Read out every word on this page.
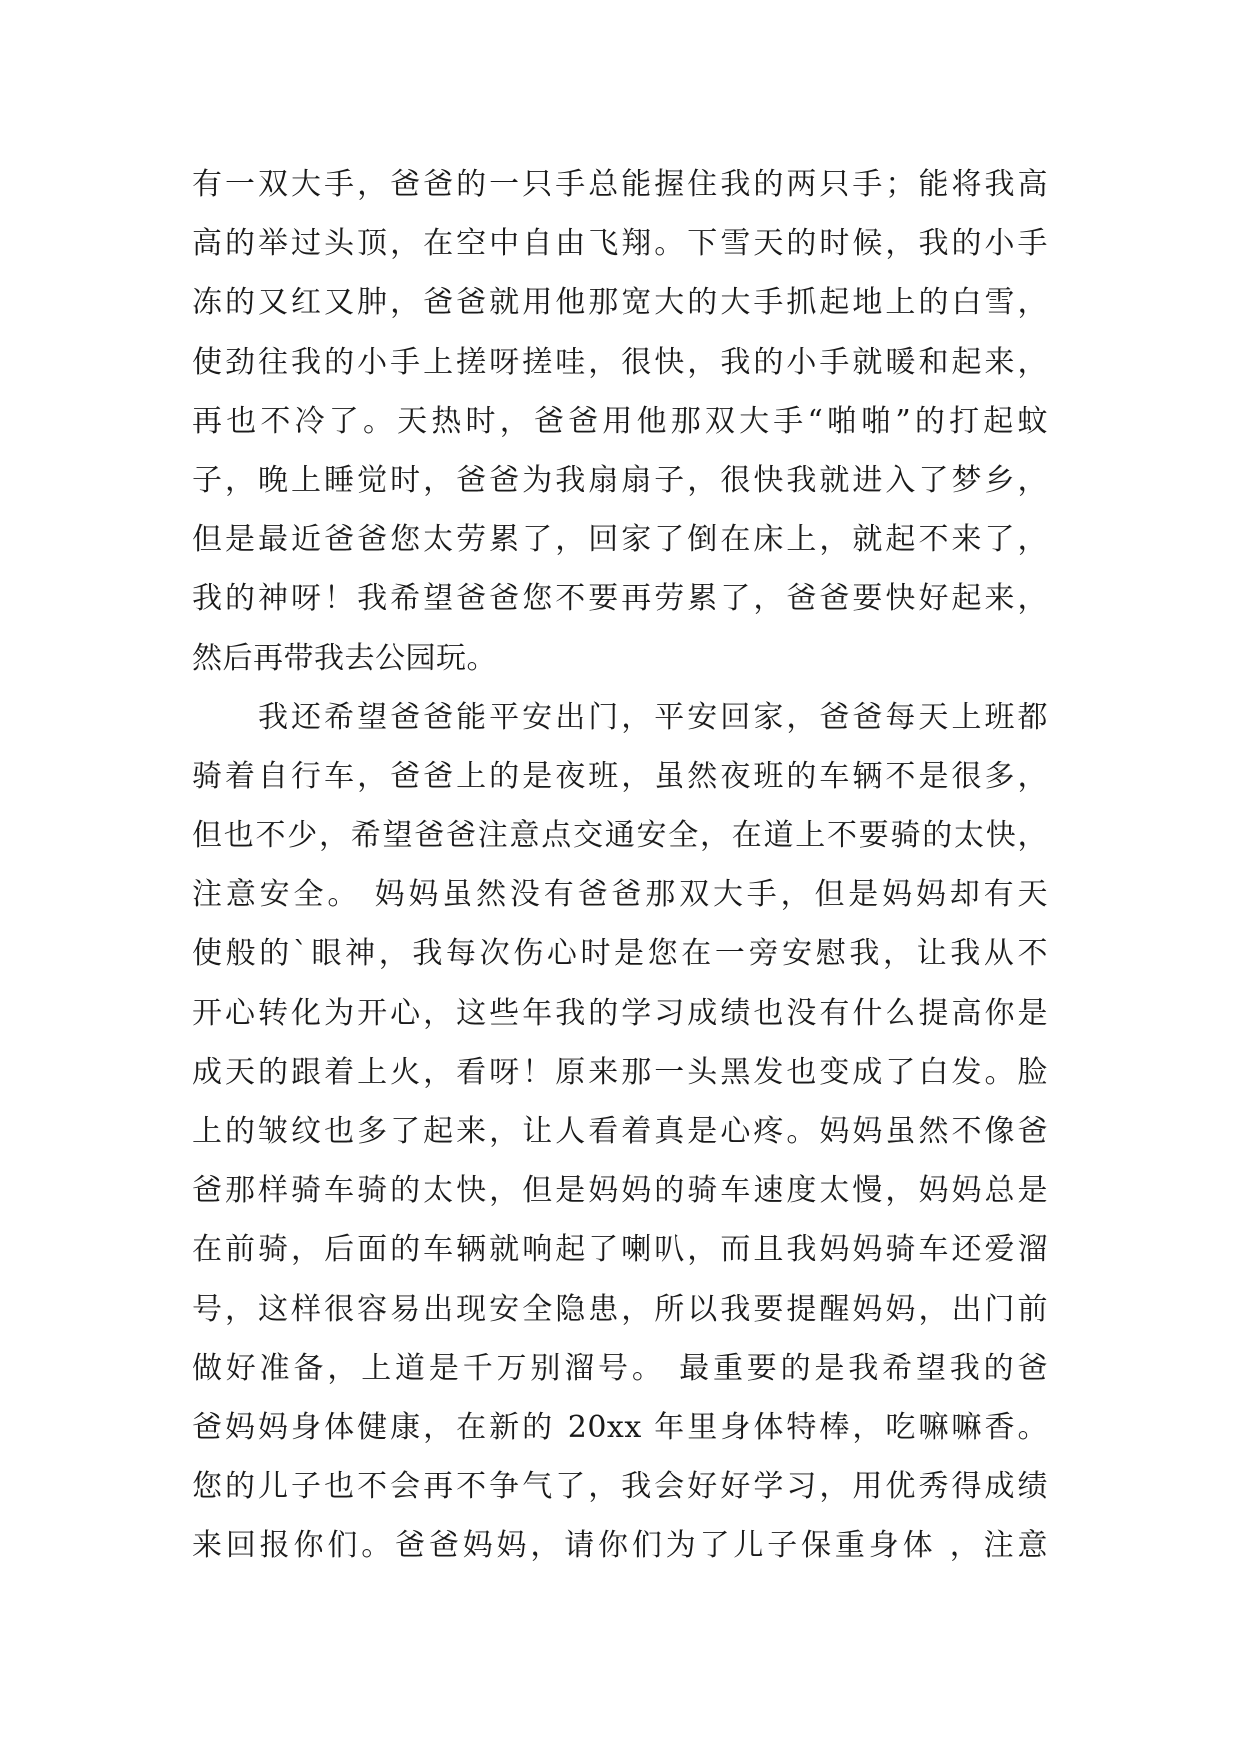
有一双大手，爸爸的一只手总能握住我的两只手；能将我高
高的举过头顶，在空中自由飞翔。下雪天的时候，我的小手
冻的又红又肿，爸爸就用他那宽大的大手抓起地上的白雪，
使劲往我的小手上搓呀搓哇，很快，我的小手就暖和起来，
再也不冷了。天热时，爸爸用他那双大手“啪啪”的打起蚊
子，晚上睡觉时，爸爸为我扇扇子，很快我就进入了梦乡，
但是最近爸爸您太劳累了，回家了倒在床上，就起不来了，
我的神呀！我希望爸爸您不要再劳累了，爸爸要快好起来，
然后再带我去公园玩。
我还希望爸爸能平安出门，平安回家，爸爸每天上班都
骑着自行车，爸爸上的是夜班，虽然夜班的车辆不是很多，
但也不少，希望爸爸注意点交通安全，在道上不要骑的太快，
注意安全。 妈妈虽然没有爸爸那双大手，但是妈妈却有天
使般的`眼神，我每次伤心时是您在一旁安慰我，让我从不
开心转化为开心，这些年我的学习成绩也没有什么提高你是
成天的跟着上火，看呀！原来那一头黑发也变成了白发。脸
上的皱纹也多了起来，让人看着真是心疼。妈妈虽然不像爸
爸那样骑车骑的太快，但是妈妈的骑车速度太慢，妈妈总是
在前骑，后面的车辆就响起了喇叭，而且我妈妈骑车还爱溜
号，这样很容易出现安全隐患，所以我要提醒妈妈，出门前
做好准备，上道是千万别溜号。 最重要的是我希望我的爸
爸妈妈身体健康，在新的 20xx 年里身体特棒，吃嘛嘛香。
您的儿子也不会再不争气了，我会好好学习，用优秀得成绩
来回报你们。爸爸妈妈，请你们为了儿子保重身体 ，注意
